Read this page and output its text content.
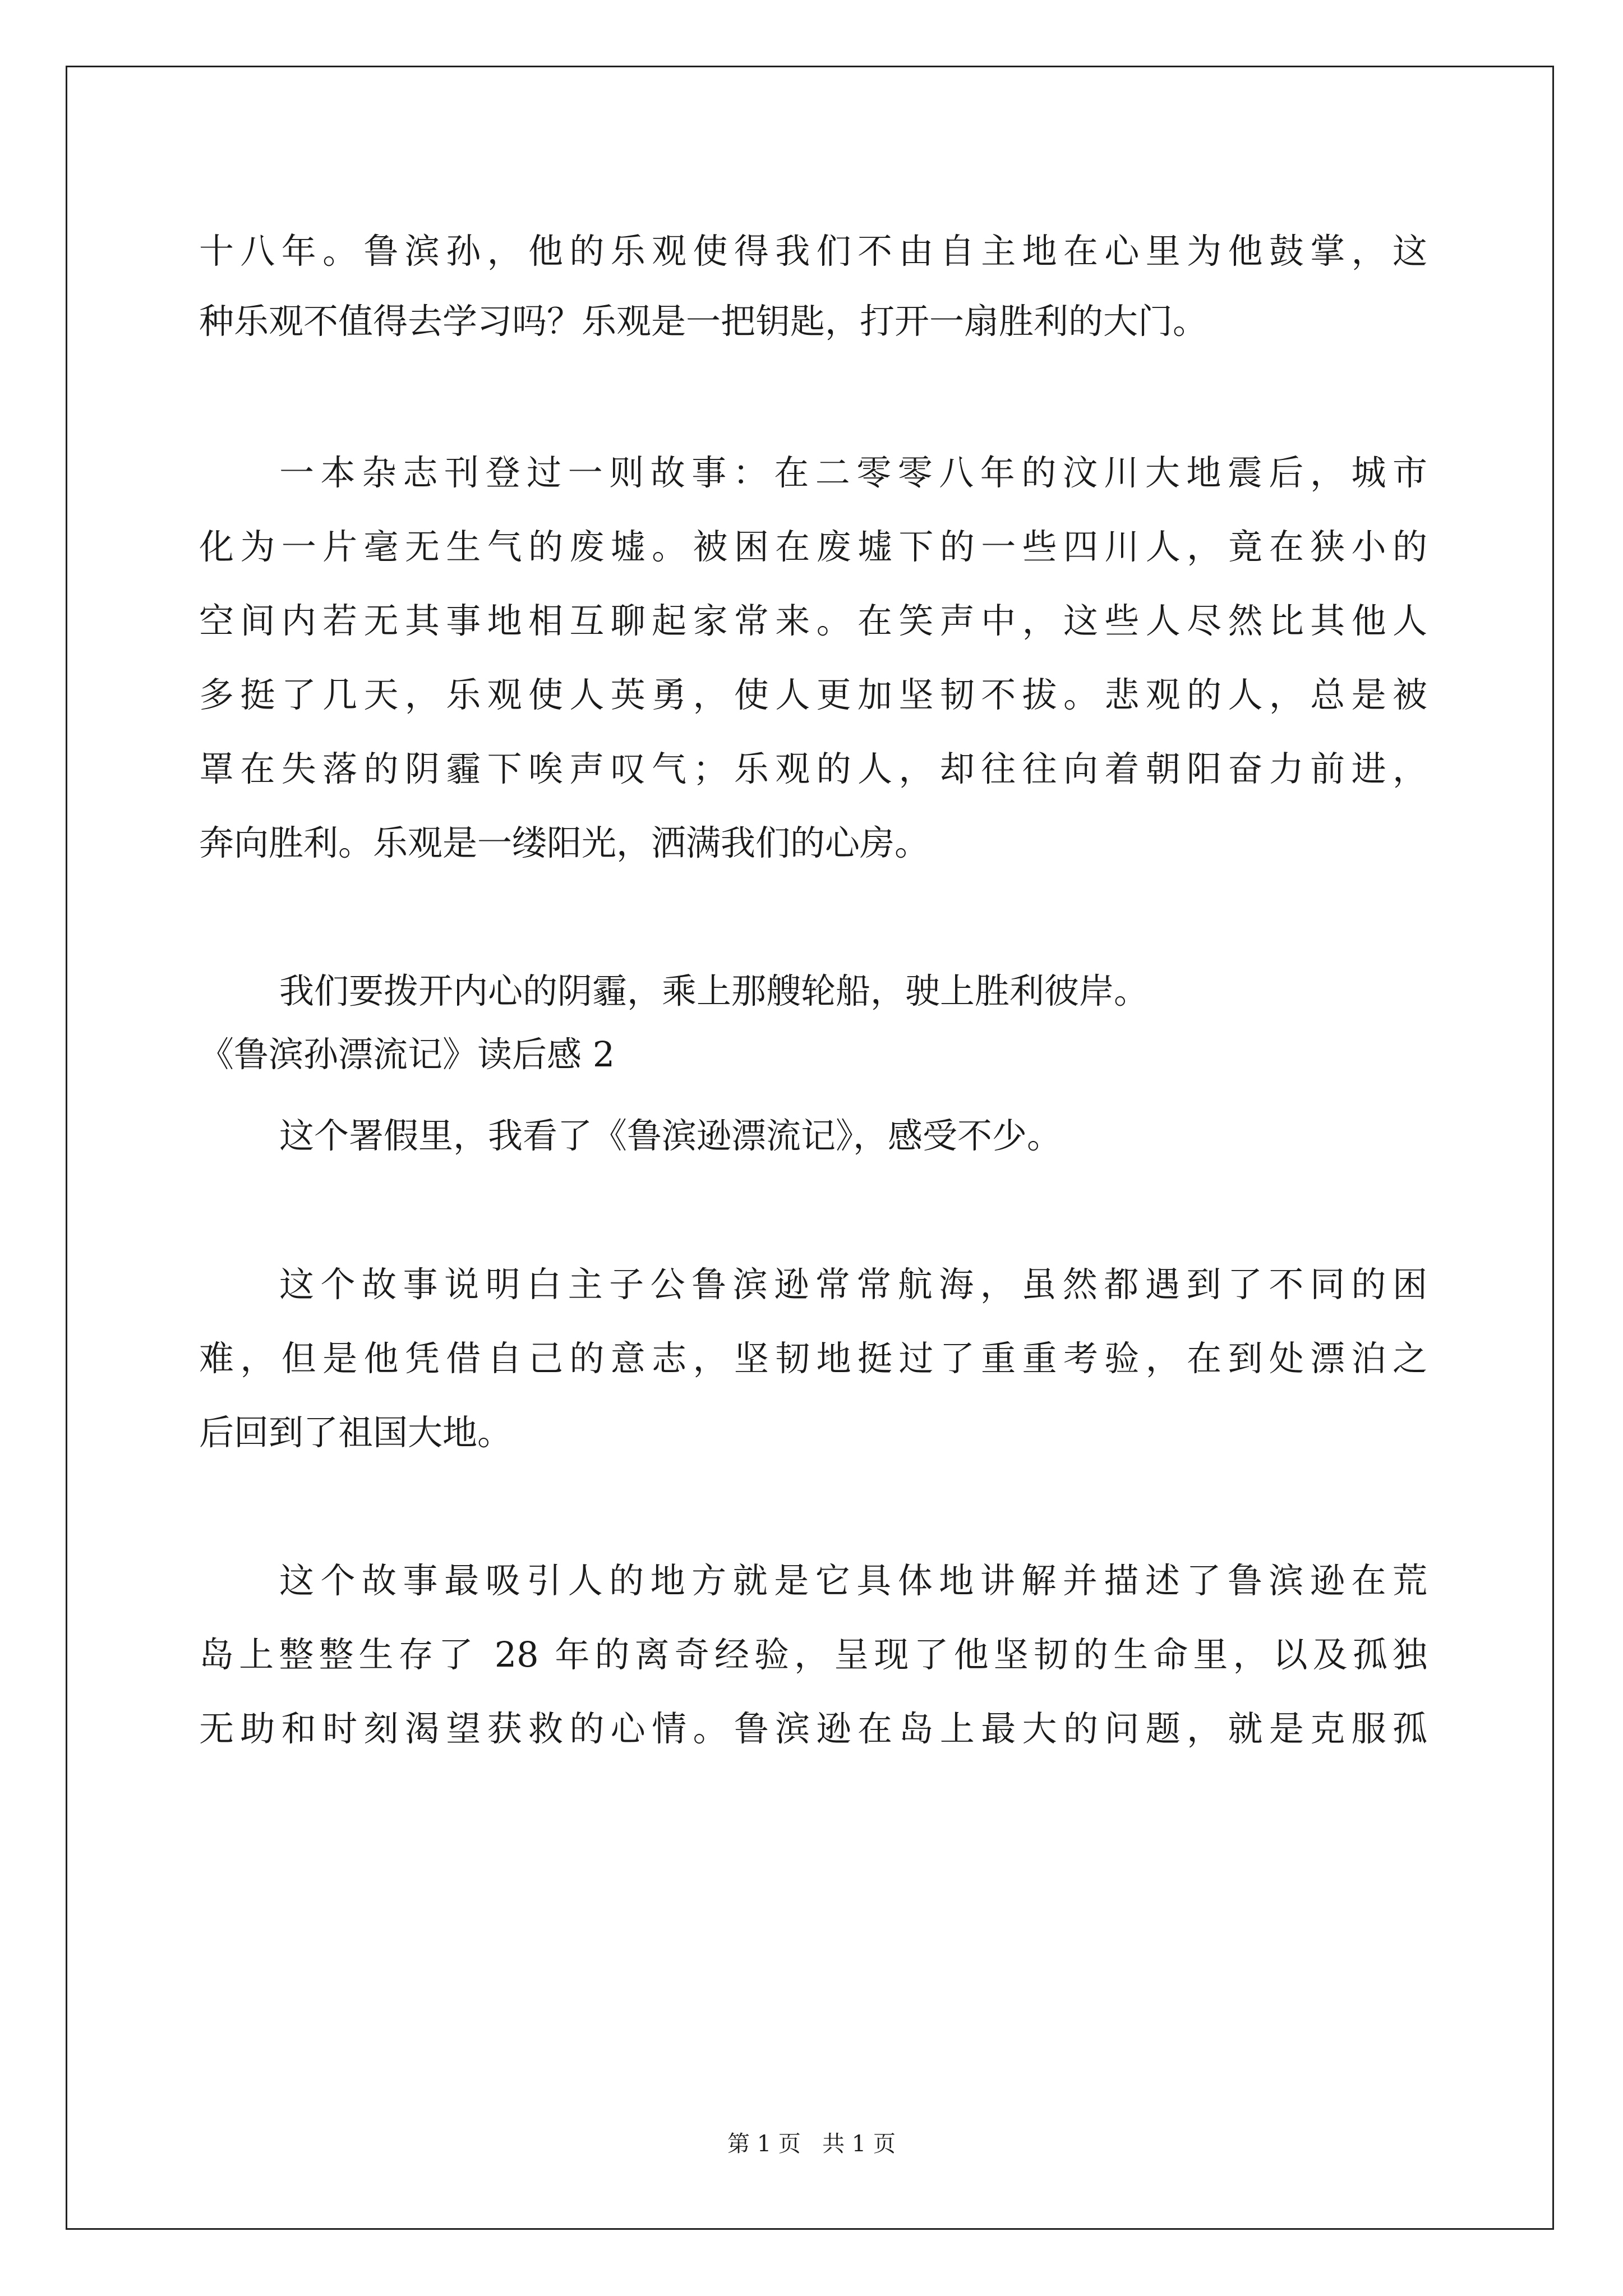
十八年。鲁滨孙，他的乐观使得我们不由自主地在心里为他鼓掌，这
种乐观不值得去学习吗？乐观是一把钥匙，打开一扇胜利的大门。
一本杂志刊登过一则故事：在二零零八年的汶川大地震后，城市
化为一片毫无生气的废墟。被困在废墟下的一些四川人，竟在狭小的
空间内若无其事地相互聊起家常来。在笑声中，这些人尽然比其他人
多挺了几天，乐观使人英勇，使人更加坚韧不拔。悲观的人，总是被
罩在失落的阴霾下唉声叹气；乐观的人，却往往向着朝阳奋力前进，
奔向胜利。乐观是一缕阳光，洒满我们的心房。
我们要拨开内心的阴霾，乘上那艘轮船，驶上胜利彼岸。
《鲁滨孙漂流记》读后感 2
这个署假里，我看了《鲁滨逊漂流记》，感受不少。
这个故事说明白主子公鲁滨逊常常航海，虽然都遇到了不同的困
难，但是他凭借自己的意志，坚韧地挺过了重重考验，在到处漂泊之
后回到了祖国大地。
这个故事最吸引人的地方就是它具体地讲解并描述了鲁滨逊在荒
岛上整整生存了 28 年的离奇经验，呈现了他坚韧的生命里，以及孤独
无助和时刻渴望获救的心情。鲁滨逊在岛上最大的问题，就是克服孤
第 1 页   共 1 页
